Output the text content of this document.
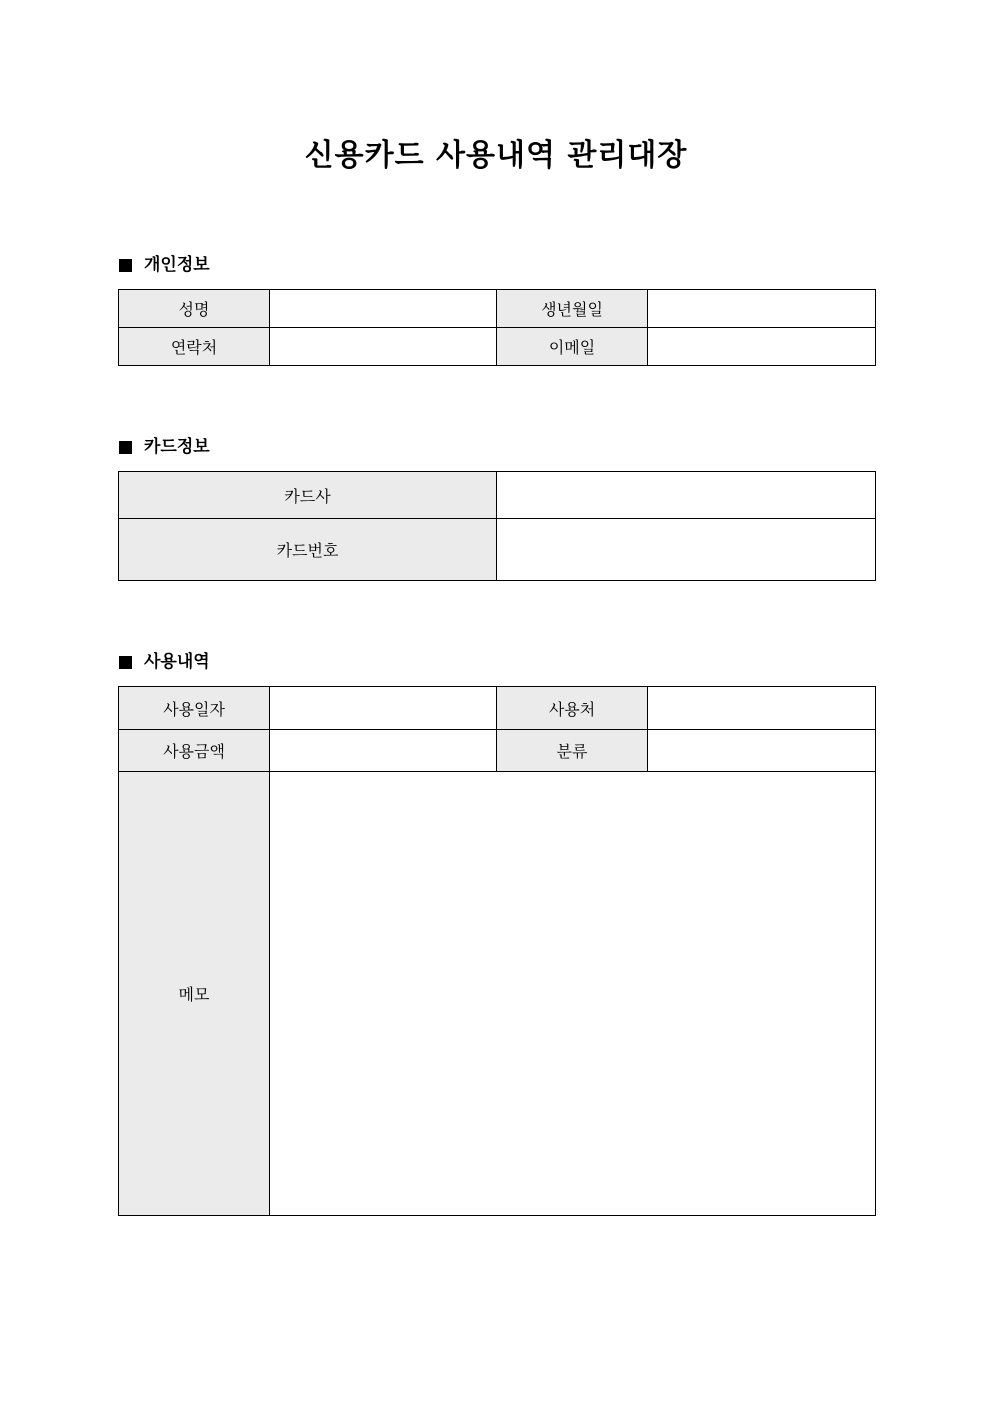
신용카드 사용내역 관리대장
개인정보
성명		생년월일	
연락처		이메일	
카드정보
카드사	
카드번호	
사용내역
사용일자		사용처	
사용금액		분류	
메모			
